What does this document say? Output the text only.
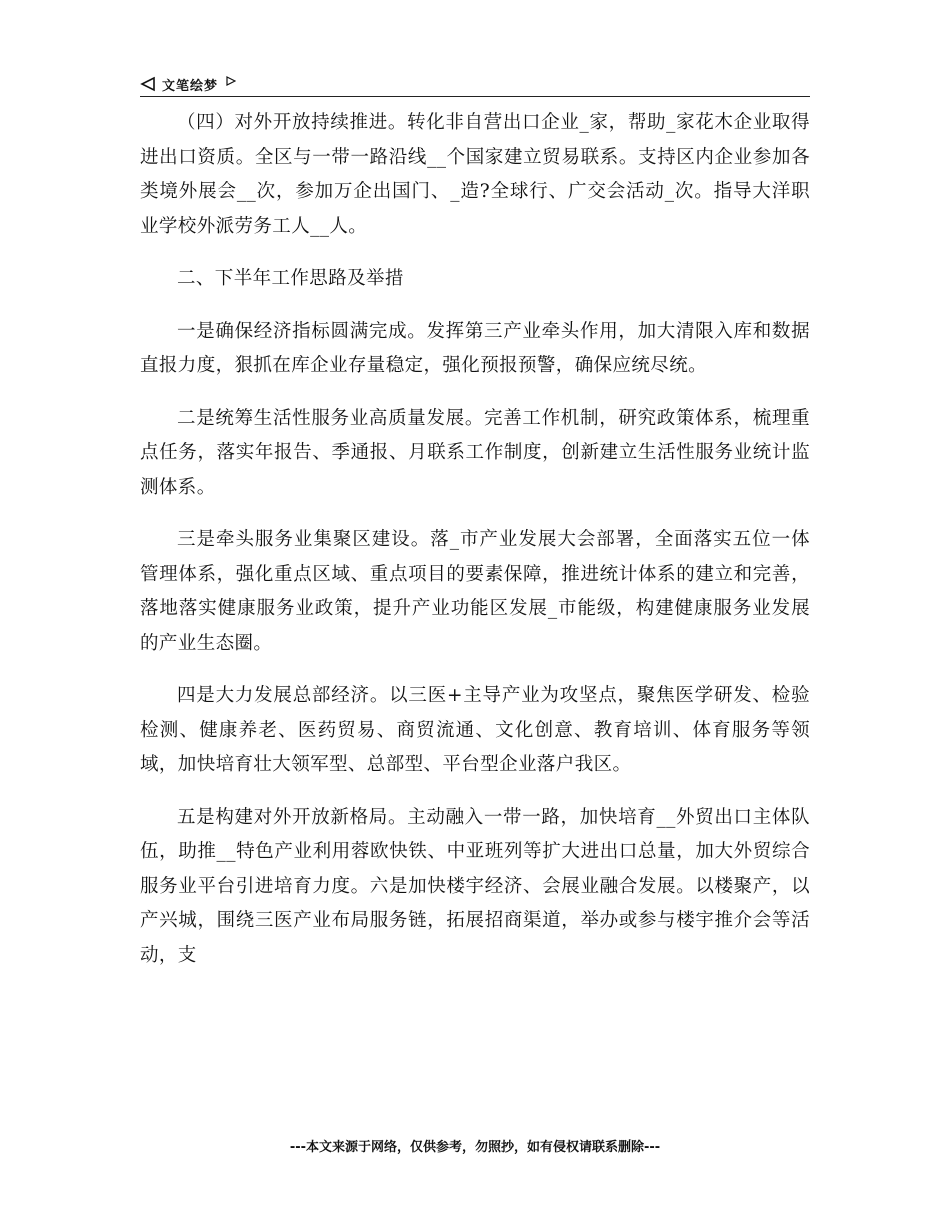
文笔绘梦

（四）对外开放持续推进。转化非自营出口企业_家，帮助_家花木企业取得进出口资质。全区与一带一路沿线__个国家建立贸易联系。支持区内企业参加各类境外展会__次，参加万企出国门、_造?全球行、广交会活动_次。指导大洋职业学校外派劳务工人__人。

二、下半年工作思路及举措

一是确保经济指标圆满完成。发挥第三产业牵头作用，加大清限入库和数据直报力度，狠抓在库企业存量稳定，强化预报预警，确保应统尽统。

二是统筹生活性服务业高质量发展。完善工作机制，研究政策体系，梳理重点任务，落实年报告、季通报、月联系工作制度，创新建立生活性服务业统计监测体系。

三是牵头服务业集聚区建设。落_市产业发展大会部署，全面落实五位一体管理体系，强化重点区域、重点项目的要素保障，推进统计体系的建立和完善，落地落实健康服务业政策，提升产业功能区发展_市能级，构建健康服务业发展的产业生态圈。

四是大力发展总部经济。以三医+主导产业为攻坚点，聚焦医学研发、检验检测、健康养老、医药贸易、商贸流通、文化创意、教育培训、体育服务等领域，加快培育壮大领军型、总部型、平台型企业落户我区。

五是构建对外开放新格局。主动融入一带一路，加快培育__外贸出口主体队伍，助推__特色产业利用蓉欧快铁、中亚班列等扩大进出口总量，加大外贸综合服务业平台引进培育力度。六是加快楼宇经济、会展业融合发展。以楼聚产，以产兴城，围绕三医产业布局服务链，拓展招商渠道，举办或参与楼宇推介会等活动，支

---本文来源于网络，仅供参考，勿照抄，如有侵权请联系删除---
